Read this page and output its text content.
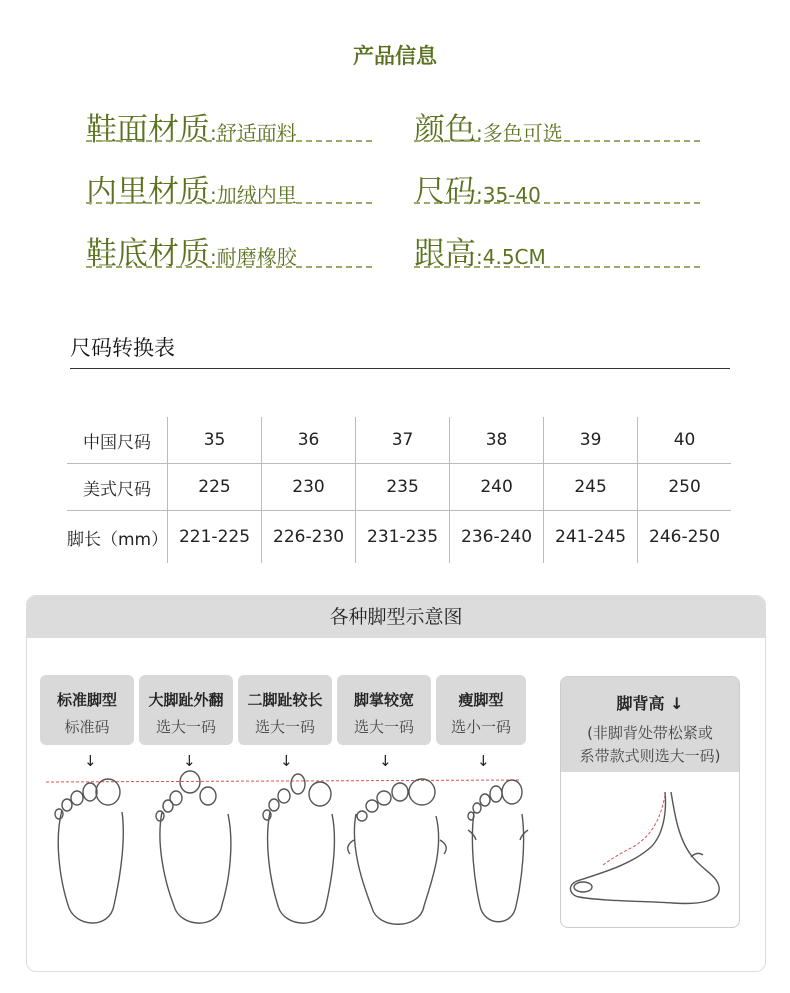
产品信息
鞋面材质:舒适面料	颜色:多色可选
内里材质:加绒内里	尺码:35-40
鞋底材质:耐磨橡胶	跟高:4.5CM
尺码转换表
中国尺码	35	36	37	38	39	40
美式尺码	225	230	235	240	245	250
脚长（mm）	221-225	226-230	231-235	236-240	241-245	246-250
各种脚型示意图
标准脚型
标准码
大脚趾外翻
选大一码
二脚趾较长
选大一码
脚掌较宽
选大一码
瘦脚型
选小一码
↓	↓	↓	↓	↓
脚背高 ↓
(非脚背处带松紧或
系带款式则选大一码)
